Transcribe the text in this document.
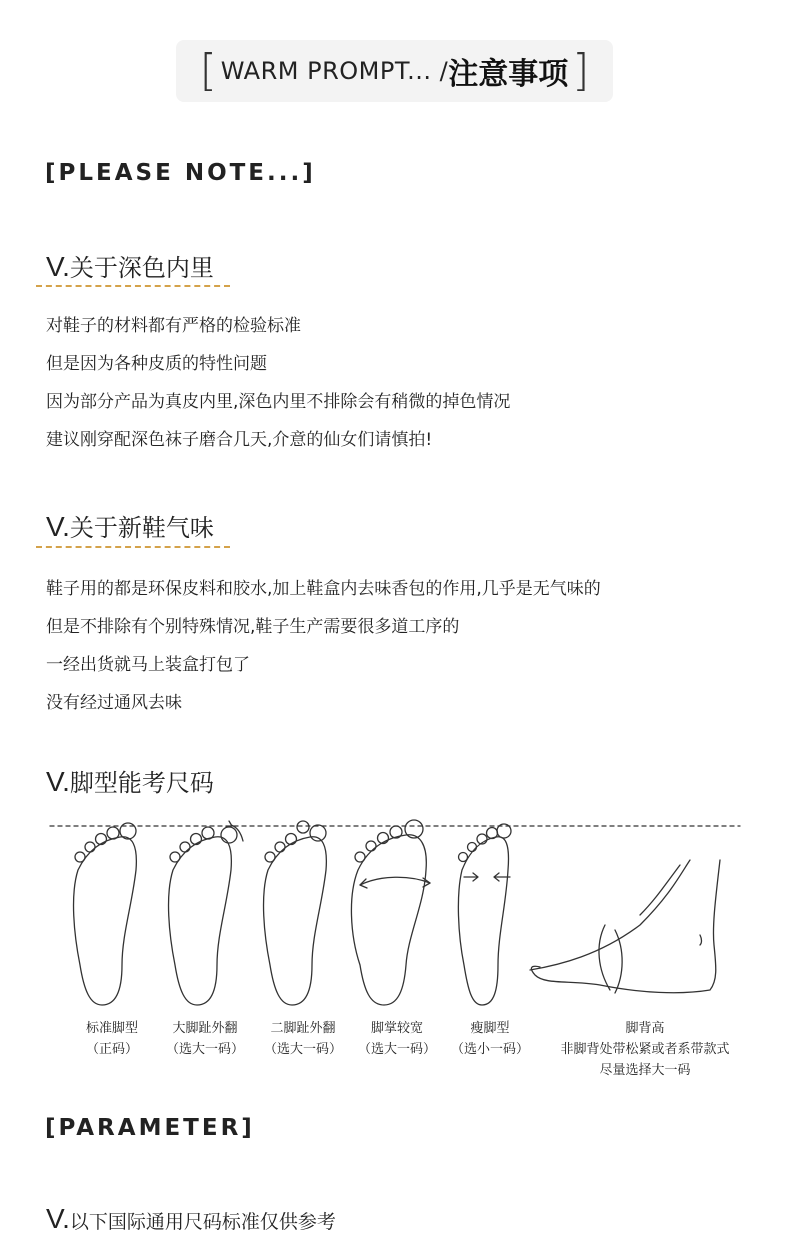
[ WARM PROMPT... / 注意事项 ]
[PLEASE NOTE...]
V.关于深色内里
对鞋子的材料都有严格的检验标准
但是因为各种皮质的特性问题
因为部分产品为真皮内里,深色内里不排除会有稍微的掉色情况
建议刚穿配深色袜子磨合几天,介意的仙女们请慎拍!
V.关于新鞋气味
鞋子用的都是环保皮料和胶水,加上鞋盒内去味香包的作用,几乎是无气味的
但是不排除有个别特殊情况,鞋子生产需要很多道工序的
一经出货就马上装盒打包了
没有经过通风去味
V.脚型能考尺码
标准脚型
（正码）
大脚趾外翻
（选大一码）
二脚趾外翻
（选大一码）
脚掌较宽
（选大一码）
瘦脚型
（选小一码）
脚背高
非脚背处带松紧或者系带款式
尽量选择大一码
[PARAMETER]
V.以下国际通用尺码标准仅供参考
